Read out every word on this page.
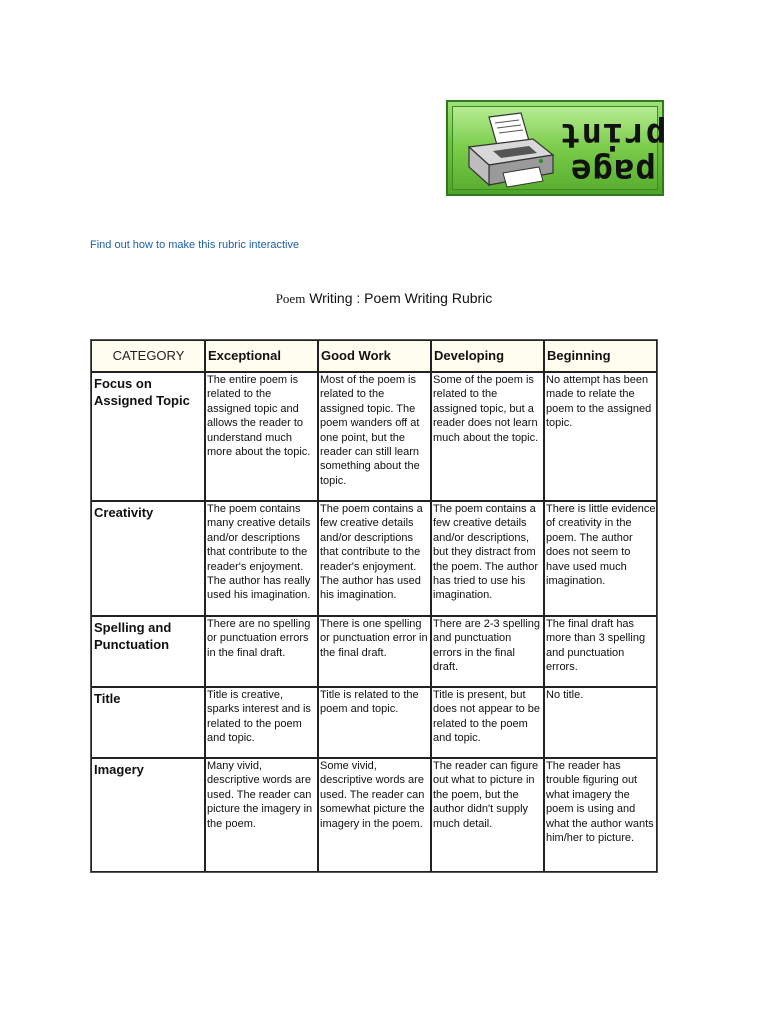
print
page
Find out how to make this rubric interactive
Poem Writing : Poem Writing Rubric
CATEGORY	Exceptional	Good Work	Developing	Beginning
Focus on Assigned Topic	The entire poem is related to the assigned topic and allows the reader to understand much more about the topic.	Most of the poem is related to the assigned topic. The poem wanders off at one point, but the reader can still learn something about the topic.	Some of the poem is related to the assigned topic, but a reader does not learn much about the topic.	No attempt has been made to relate the poem to the assigned topic.
Creativity	The poem contains many creative details and/or descriptions that contribute to the reader's enjoyment. The author has really used his imagination.	The poem contains a few creative details and/or descriptions that contribute to the reader's enjoyment. The author has used his imagination.	The poem contains a few creative details and/or descriptions, but they distract from the poem. The author has tried to use his imagination.	There is little evidence of creativity in the poem. The author does not seem to have used much imagination.
Spelling and Punctuation	There are no spelling or punctuation errors in the final draft.	There is one spelling or punctuation error in the final draft.	There are 2-3 spelling and punctuation errors in the final draft.	The final draft has more than 3 spelling and punctuation errors.
Title	Title is creative, sparks interest and is related to the poem and topic.	Title is related to the poem and topic.	Title is present, but does not appear to be related to the poem and topic.	No title.
Imagery	Many vivid, descriptive words are used. The reader can picture the imagery in the poem.	Some vivid, descriptive words are used. The reader can somewhat picture the imagery in the poem.	The reader can figure out what to picture in the poem, but the author didn't supply much detail.	The reader has trouble figuring out what imagery the poem is using and what the author wants him/her to picture.
